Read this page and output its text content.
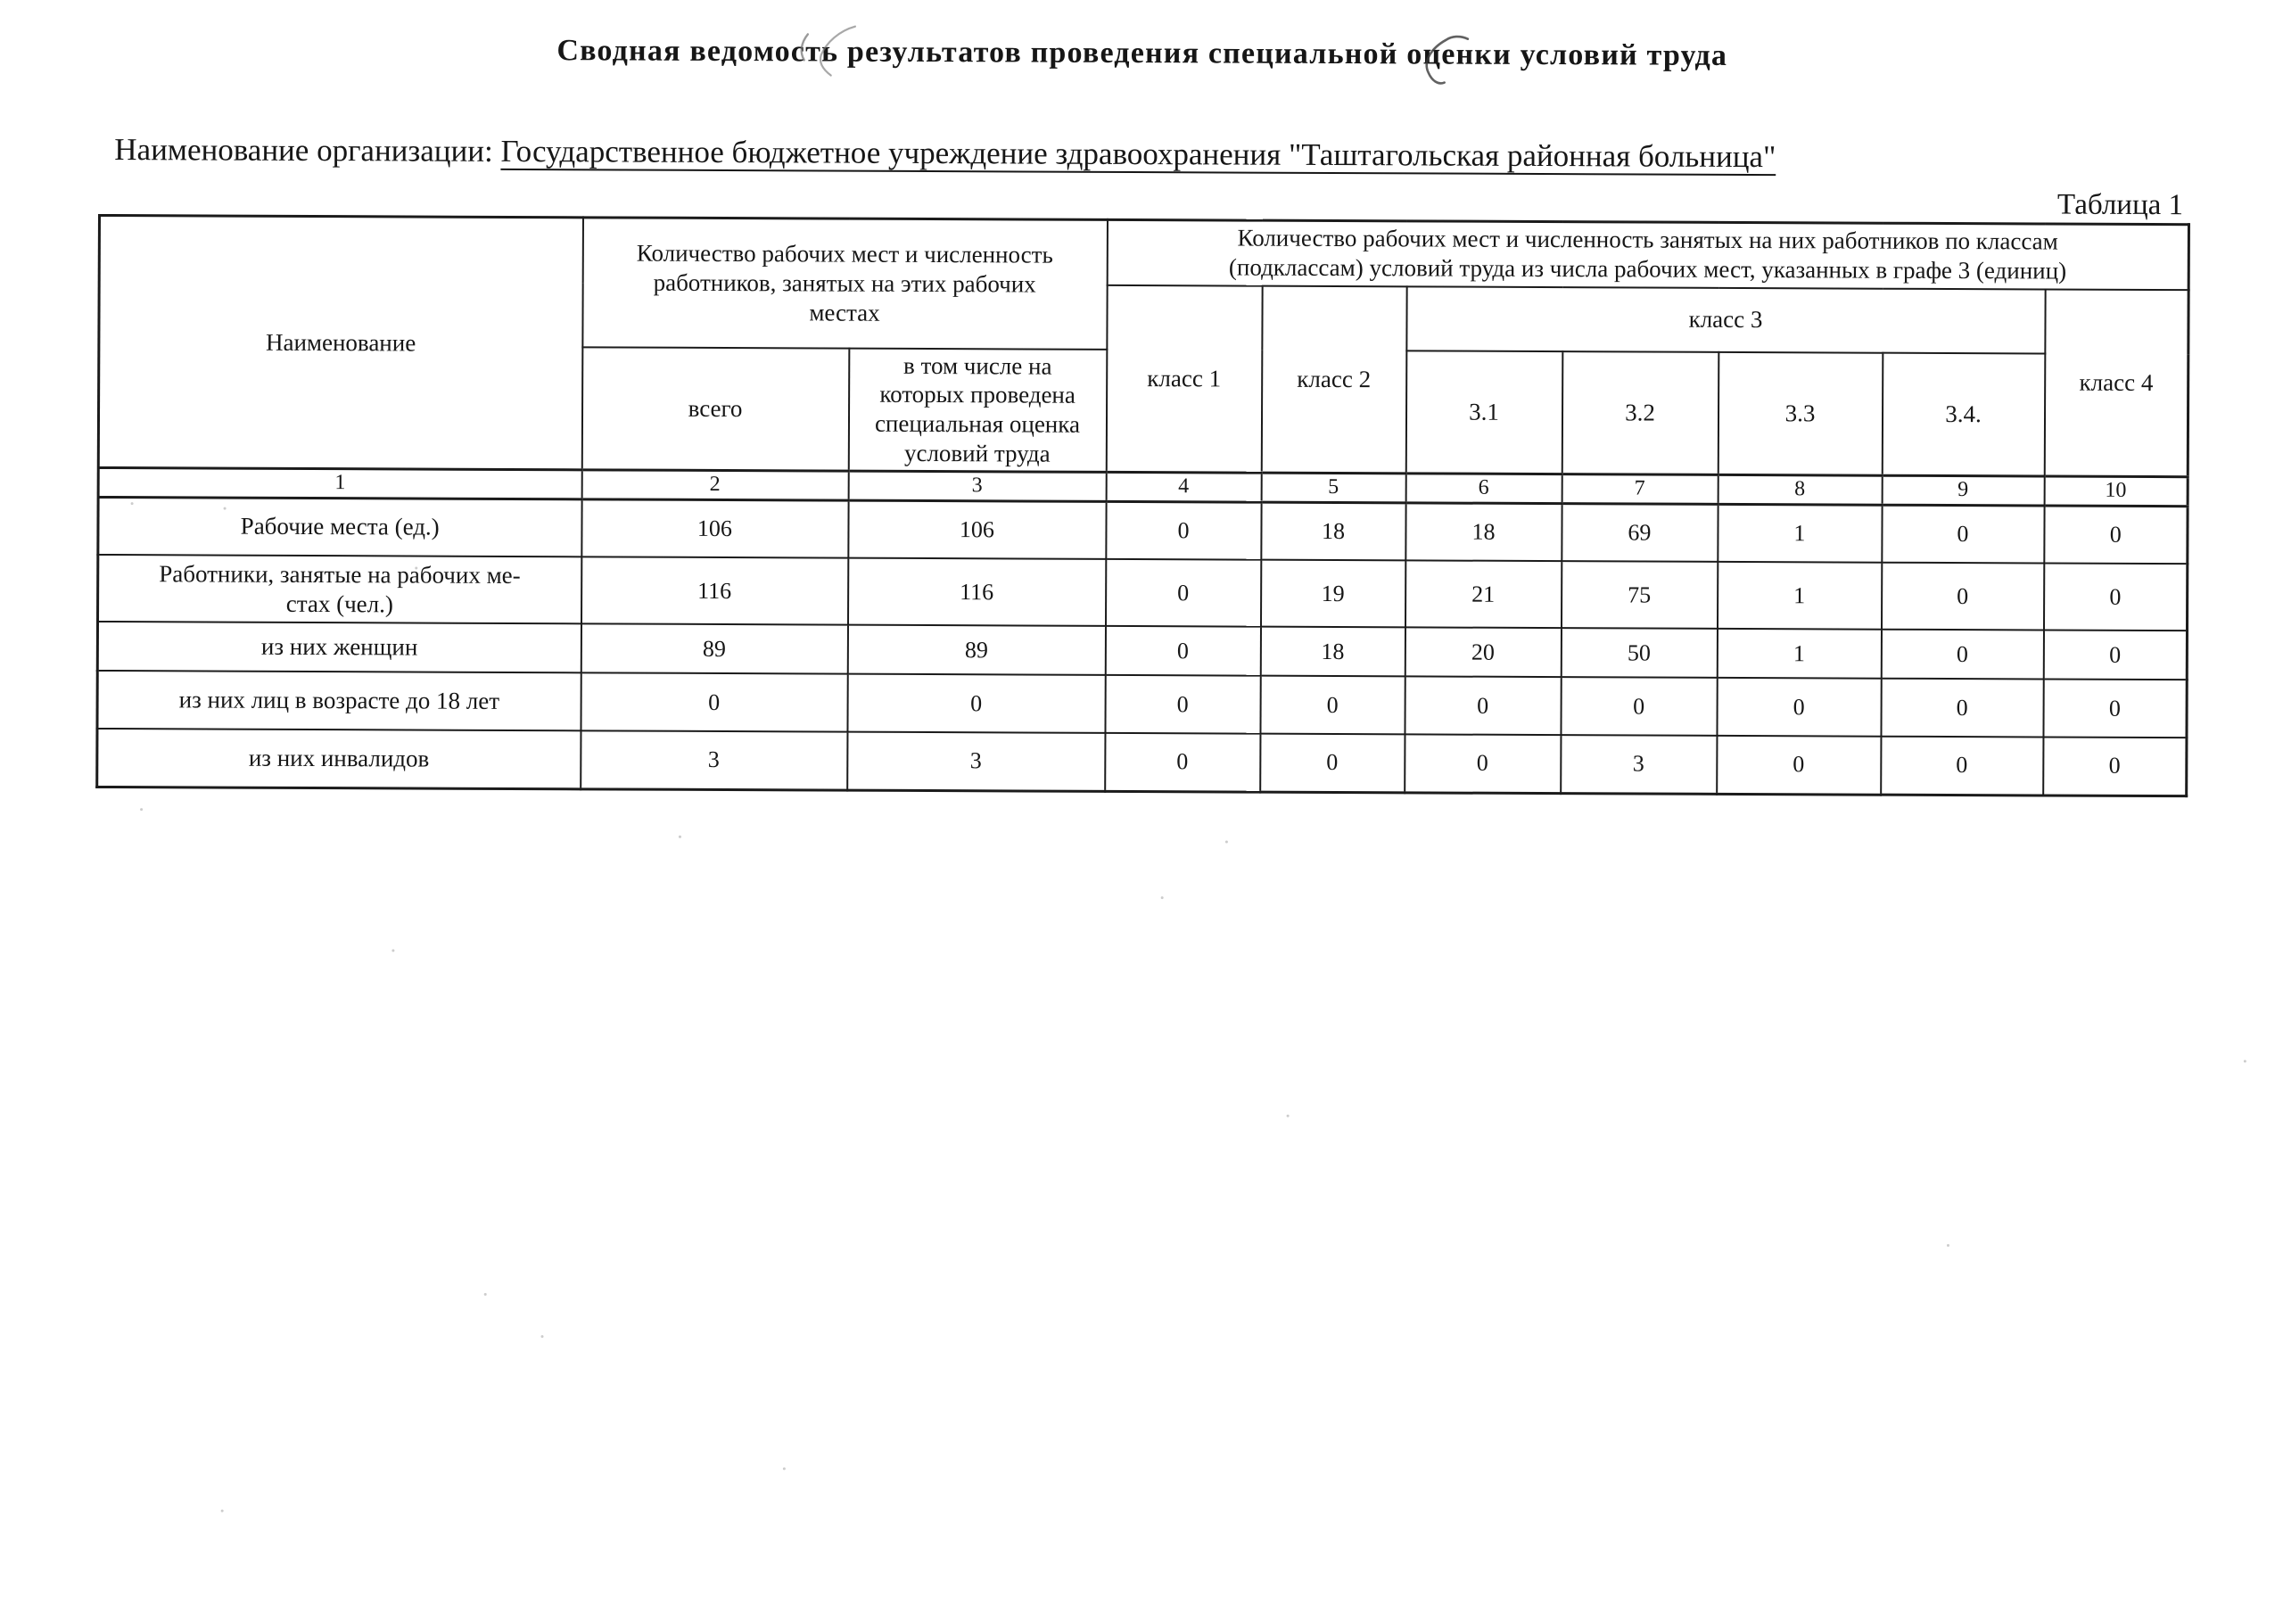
Сводная ведомость результатов проведения специальной оценки условий труда
Наименование организации: Государственное бюджетное учреждение здравоохранения "Таштагольская районная больница"
Таблица 1
Наименование	Количество рабочих мест и численность
работников, занятых на этих рабочих
местах		Количество рабочих мест и численность занятых на них работников по классам
(подклассам) условий труда из числа рабочих мест, указанных в графе 3 (единиц)						
			класс 1	класс 2	класс 3				класс 4
	всего	в том числе на
которых проведена
специальная оценка
условий труда			3.1	3.2	3.3	3.4.	
1	2	3	4	5	6	7	8	9	10
Рабочие места (ед.)	106	106	0	18	18	69	1	0	0
Работники, занятые на рабочих ме-
стах (чел.)	116	116	0	19	21	75	1	0	0
из них женщин	89	89	0	18	20	50	1	0	0
из них лиц в возрасте до 18 лет	0	0	0	0	0	0	0	0	0
из них инвалидов	3	3	0	0	0	3	0	0	0
